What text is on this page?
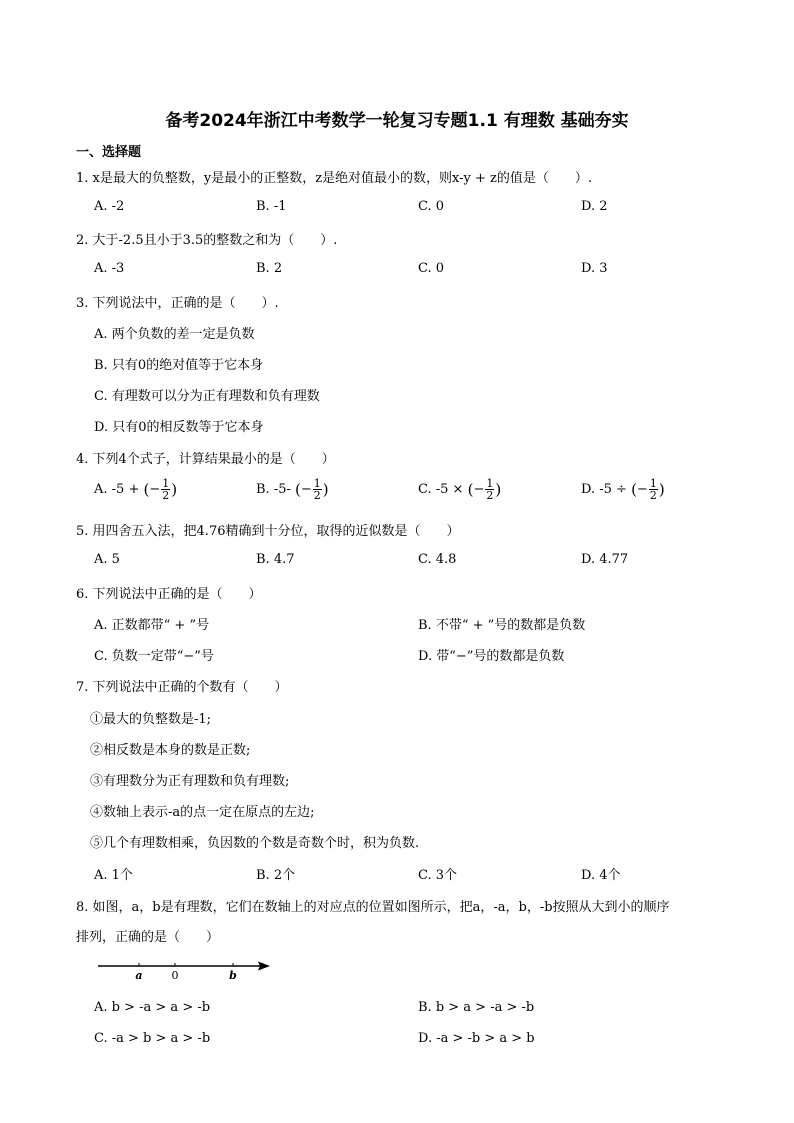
备考2024年浙江中考数学一轮复习专题1.1 有理数 基础夯实
一、选择题
1. x是最大的负整数，y是最小的正整数，z是绝对值最小的数，则x-y + z的值是（　　）.
A. -2	B. -1	C. 0	D. 2
2. 大于-2.5且小于3.5的整数之和为（　　）.
A. -3	B. 2	C. 0	D. 3
3. 下列说法中，正确的是（　　）.
A. 两个负数的差一定是负数
B. 只有0的绝对值等于它本身
C. 有理数可以分为正有理数和负有理数
D. 只有0的相反数等于它本身
4. 下列4个式子，计算结果最小的是（　　）
A. -5 + (− $\frac{1}{2}$ )	B. -5- (− $\frac{1}{2}$ )	C. -5 × (− $\frac{1}{2}$ )	D. -5 ÷ (− $\frac{1}{2}$ )
5. 用四舍五入法，把4.76精确到十分位，取得的近似数是（　　）
A. 5	B. 4.7	C. 4.8	D. 4.77
6. 下列说法中正确的是（　　）
A. 正数都带“ + ”号	B. 不带“ + ”号的数都是负数
C. 负数一定带“−”号	D. 带“−”号的数都是负数
7. 下列说法中正确的个数有（　　）
①最大的负整数是-1;
②相反数是本身的数是正数;
③有理数分为正有理数和负有理数;
④数轴上表示-a的点一定在原点的左边;
⑤几个有理数相乘，负因数的个数是奇数个时，积为负数.
A. 1个	B. 2个	C. 3个	D. 4个
8. 如图，a，b是有理数，它们在数轴上的对应点的位置如图所示，把a，-a，b，-b按照从大到小的顺序
排列，正确的是（　　）
a	0	b
A. b > -a > a > -b	B. b > a > -a > -b
C. -a > b > a > -b	D. -a > -b > a > b
